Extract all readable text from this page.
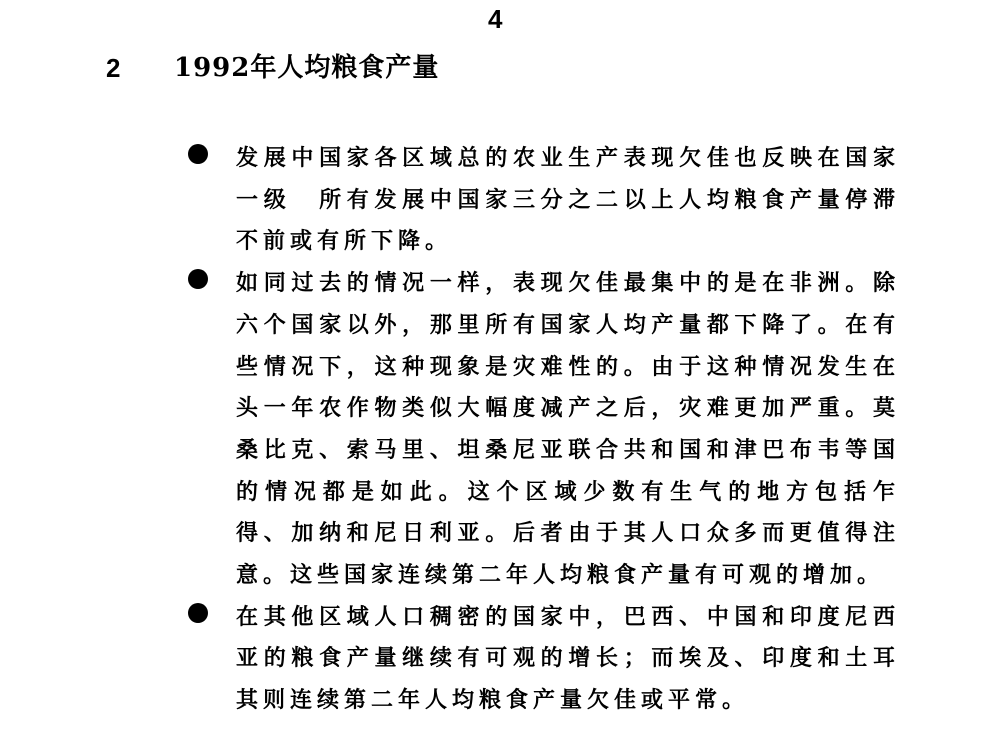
4
2 1992年人均粮食产量
发展中国家各区域总的农业生产表现欠佳也反映在国家一级　所有发展中国家三分之二以上人均粮食产量停滞不前或有所下降。
如同过去的情况一样，表现欠佳最集中的是在非洲。除六个国家以外，那里所有国家人均产量都下降了。在有些情况下，这种现象是灾难性的。由于这种情况发生在头一年农作物类似大幅度减产之后，灾难更加严重。莫桑比克、索马里、坦桑尼亚联合共和国和津巴布韦等国的情况都是如此。这个区域少数有生气的地方包括乍得、加纳和尼日利亚。后者由于其人口众多而更值得注意。这些国家连续第二年人均粮食产量有可观的增加。
在其他区域人口稠密的国家中，巴西、中国和印度尼西亚的粮食产量继续有可观的增长；而埃及、印度和土耳其则连续第二年人均粮食产量欠佳或平常。
